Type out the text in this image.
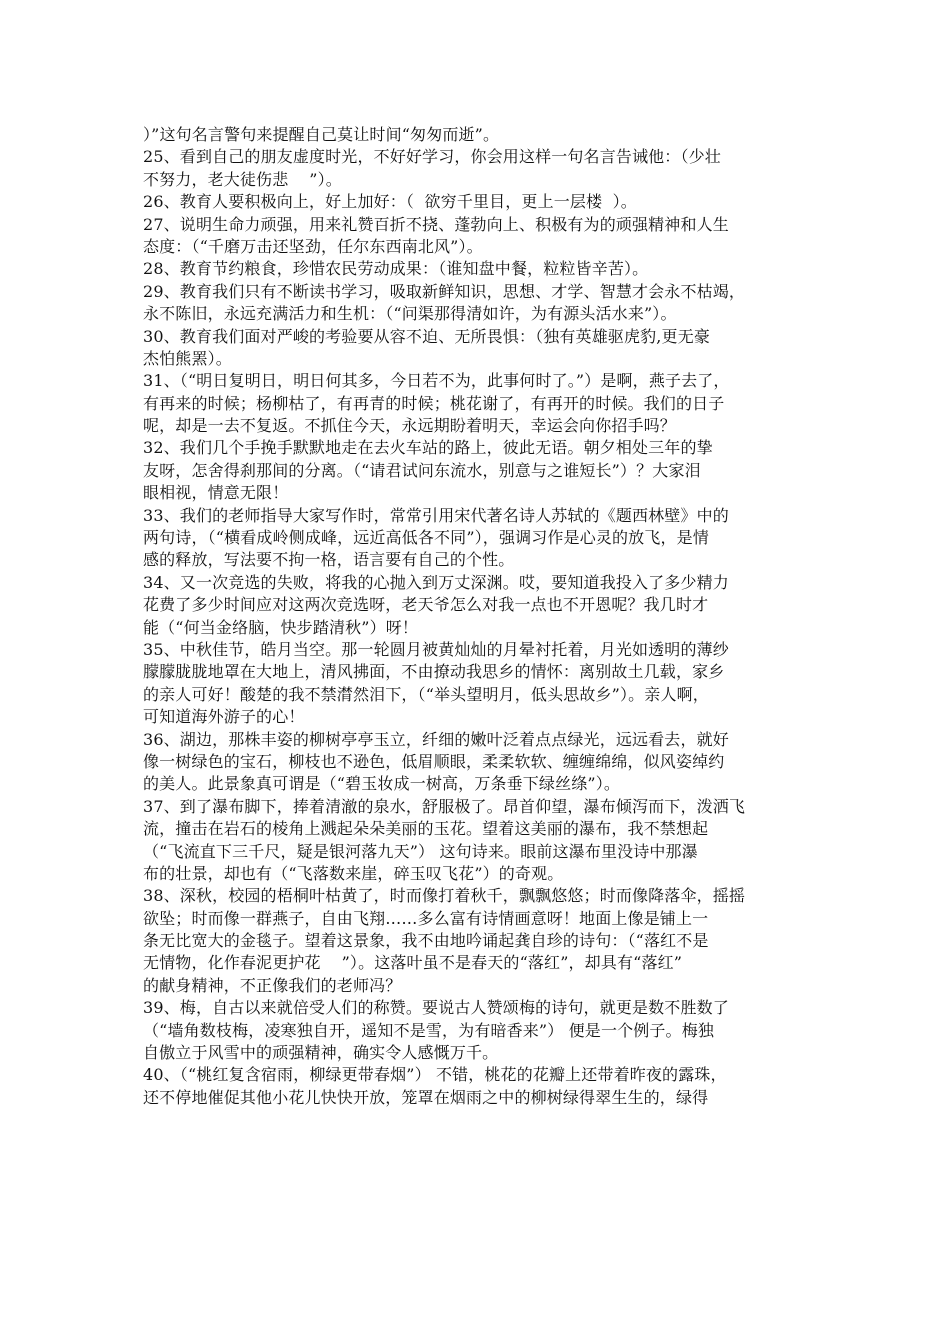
）”这句名言警句来提醒自己莫让时间“匆匆而逝”。
25、看到自己的朋友虚度时光，不好好学习，你会用这样一句名言告诫他：（少壮
不努力，老大徒伤悲    ”）。
26、教育人要积极向上，好上加好：（  欲穷千里目，更上一层楼  ）。
27、说明生命力顽强，用来礼赞百折不挠、蓬勃向上、积极有为的顽强精神和人生
态度：（“千磨万击还坚劲，任尔东西南北风”）。
28、教育节约粮食，珍惜农民劳动成果：（谁知盘中餐，粒粒皆辛苦）。
29、教育我们只有不断读书学习，吸取新鲜知识，思想、才学、智慧才会永不枯竭，
永不陈旧，永远充满活力和生机：（“问渠那得清如许，为有源头活水来”）。
30、教育我们面对严峻的考验要从容不迫、无所畏惧：（独有英雄驱虎豹,更无豪
杰怕熊罴）。
31、（“明日复明日，明日何其多，今日若不为，此事何时了。”）是啊，燕子去了，
有再来的时候；杨柳枯了，有再青的时候；桃花谢了，有再开的时候。我们的日子
呢，却是一去不复返。不抓住今天，永远期盼着明天，幸运会向你招手吗？
32、我们几个手挽手默默地走在去火车站的路上，彼此无语。朝夕相处三年的挚
友呀，怎舍得刹那间的分离。（“请君试问东流水，别意与之谁短长”）？大家泪
眼相视，情意无限！
33、我们的老师指导大家写作时，常常引用宋代著名诗人苏轼的《题西林壁》中的
两句诗，（“横看成岭侧成峰，远近高低各不同”），强调习作是心灵的放飞，是情
感的释放，写法要不拘一格，语言要有自己的个性。
34、又一次竞选的失败，将我的心抛入到万丈深渊。哎，要知道我投入了多少精力
花费了多少时间应对这两次竞选呀，老天爷怎么对我一点也不开恩呢？我几时才
能（“何当金络脑，快步踏清秋”）呀！
35、中秋佳节，皓月当空。那一轮圆月被黄灿灿的月晕衬托着，月光如透明的薄纱
朦朦胧胧地罩在大地上，清风拂面，不由撩动我思乡的情怀：离别故土几载，家乡
的亲人可好！酸楚的我不禁潸然泪下，（“举头望明月，低头思故乡”）。亲人啊，
可知道海外游子的心！
36、湖边，那株丰姿的柳树亭亭玉立，纤细的嫩叶泛着点点绿光，远远看去，就好
像一树绿色的宝石，柳枝也不逊色，低眉顺眼，柔柔软软、缠缠绵绵，似风姿绰约
的美人。此景象真可谓是（“碧玉妆成一树高，万条垂下绿丝绦”）。
37、到了瀑布脚下，捧着清澈的泉水，舒服极了。昂首仰望，瀑布倾泻而下，泼洒飞
流，撞击在岩石的棱角上溅起朵朵美丽的玉花。望着这美丽的瀑布，我不禁想起
（“飞流直下三千尺，疑是银河落九天”） 这句诗来。眼前这瀑布里没诗中那瀑
布的壮景，却也有（“飞落数来崖，碎玉叹飞花”）的奇观。
38、深秋，校园的梧桐叶枯黄了，时而像打着秋千，飘飘悠悠；时而像降落伞，摇摇
欲坠；时而像一群燕子，自由飞翔……多么富有诗情画意呀！地面上像是铺上一
条无比宽大的金毯子。望着这景象，我不由地吟诵起龚自珍的诗句：（“落红不是
无情物，化作春泥更护花    ”）。这落叶虽不是春天的“落红”，却具有“落红”
的献身精神，不正像我们的老师冯？
39、梅，自古以来就倍受人们的称赞。要说古人赞颂梅的诗句，就更是数不胜数了
（“墙角数枝梅，凌寒独自开，遥知不是雪，为有暗香来”） 便是一个例子。梅独
自傲立于风雪中的顽强精神，确实令人感慨万千。
40、（“桃红复含宿雨，柳绿更带春烟”） 不错，桃花的花瓣上还带着昨夜的露珠，
还不停地催促其他小花儿快快开放，笼罩在烟雨之中的柳树绿得翠生生的，绿得
